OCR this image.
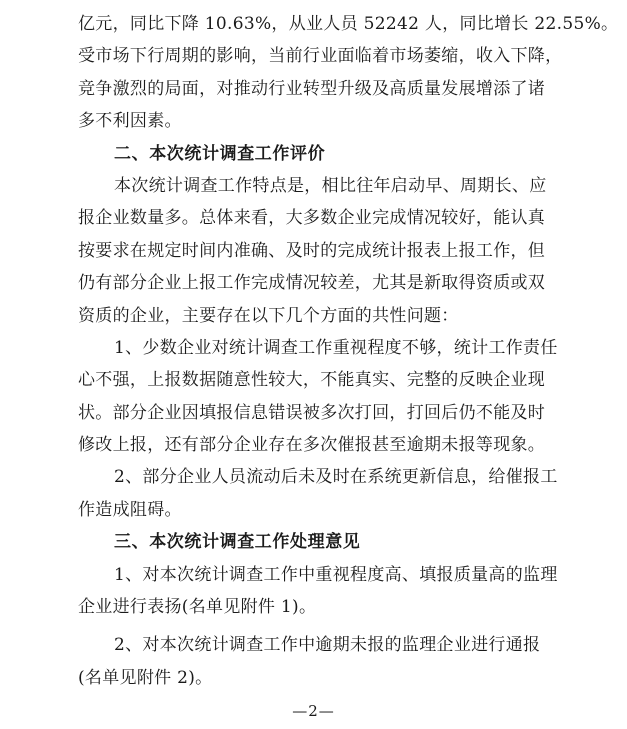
亿元，同比下降 10.63%，从业人员 52242 人，同比增长 22.55%。
受市场下行周期的影响，当前行业面临着市场萎缩，收入下降，
竞争激烈的局面，对推动行业转型升级及高质量发展增添了诸
多不利因素。
二、本次统计调查工作评价
本次统计调查工作特点是，相比往年启动早、周期长、应
报企业数量多。总体来看，大多数企业完成情况较好，能认真
按要求在规定时间内准确、及时的完成统计报表上报工作，但
仍有部分企业上报工作完成情况较差，尤其是新取得资质或双
资质的企业，主要存在以下几个方面的共性问题：
1、少数企业对统计调查工作重视程度不够，统计工作责任
心不强，上报数据随意性较大，不能真实、完整的反映企业现
状。部分企业因填报信息错误被多次打回，打回后仍不能及时
修改上报，还有部分企业存在多次催报甚至逾期未报等现象。
2、部分企业人员流动后未及时在系统更新信息，给催报工
作造成阻碍。
三、本次统计调查工作处理意见
1、对本次统计调查工作中重视程度高、填报质量高的监理
企业进行表扬(名单见附件 1)。
2、对本次统计调查工作中逾期未报的监理企业进行通报
(名单见附件 2)。
—2—
